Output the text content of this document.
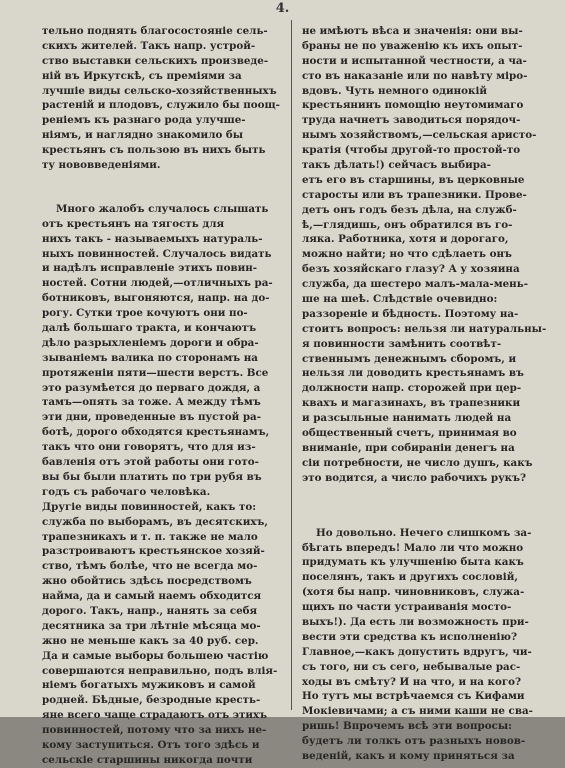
4.
тельно поднять благосостояніе сель-
скихъ жителей. Такъ напр. устрой-
ство выставки сельскихъ произведе-
ній въ Иркутскѣ, съ преміями за
лучшіе виды сельско-хозяйственныхъ
растеній и плодовъ, служило бы поощ-
реніемъ къ разнаго рода улучше-
ніямъ, и наглядно знакомило бы
крестьянъ съ пользою въ нихъ быть
ту нововведеніями.
Много жалобъ случалось слышать
отъ крестьянъ на тягость для
нихъ такъ - называемыхъ натураль-
ныхъ повинностей. Случалось видать
и надѣлъ исправленіе этихъ повин-
ностей. Сотни людей,—отличныхъ ра-
ботниковъ, выгоняются, напр. на до-
рогу. Сутки трое кочуютъ они по-
далѣ большаго тракта, и кончаютъ
дѣло разрыхленіемъ дороги и обра-
зываніемъ валика по сторонамъ на
протяженіи пяти—шести верстъ. Все
это разумѣется до перваго дождя, а
тамъ—опять за тоже. А между тѣмъ
эти дни, проведенные въ пустой ра-
ботѣ, дорого обходятся крестьянамъ,
такъ что они говорятъ, что для из-
бавленія отъ этой работы они гото-
вы бы были платить по три рубя въ
годъ съ рабочаго человѣка.
Другіе виды повинностей, какъ то:
служба по выборамъ, въ десятскихъ,
трапезникахъ и т. п. также не мало
разстроиваютъ крестьянское хозяй-
ство, тѣмъ болѣе, что не всегда мо-
жно обойтись здѣсь посредствомъ
найма, да и самый наемъ обходится
дорого. Такъ, напр., нанять за себя
десятника за три лѣтніе мѣсяца мо-
жно не меньше какъ за 40 руб. сер.
Да и самые выборы большею частію
совершаются неправильно, подъ влія-
ніемъ богатыхъ мужиковъ и самой
родней. Бѣдные, безродные кресть-
яне всего чаще страдаютъ отъ этихъ
повинностей, потому что за нихъ не-
кому заступиться. Отъ того здѣсь и
сельскіе старшины никогда почти
не имѣютъ вѣса и значенія: они вы-
браны не по уваженію къ ихъ опыт-
ности и испытанной честности, а ча-
сто въ наказаніе или по навѣту міро-
вдовъ. Чуть немного одинокій
крестьянинъ помощію неутомимаго
труда начнетъ заводиться порядоч-
нымъ хозяйствомъ,—сельская аристо-
кратія (чтобы другой-то простой-то
такъ дѣлать!) сейчасъ выбира-
етъ его въ старшины, въ церковные
старосты или въ трапезники. Прове-
детъ онъ годъ безъ дѣла, на служб-
ѣ,—глядишь, онъ обратился въ го-
ляка. Работника, хотя и дорогаго,
можно найти; но что сдѣлаеть онъ
безъ хозяйскаго глазу? А у хозяина
служба, да шестеро малъ-мала-мень-
ше на шеѣ. Слѣдствіе очевидно:
раззореніе и бѣдность. Поэтому на-
стоитъ вопросъ: нельзя ли натуральны-
я повинности замѣнить соотвѣт-
ственнымъ денежнымъ сборомъ, и
нельзя ли доводить крестьянамъ въ
должности напр. сторожей при цер-
квахъ и магазинахъ, въ трапезники
и разсыльные нанимать людей на
общественный счетъ, принимая во
вниманіе, при собираніи денегъ на
сіи потребности, не число душъ, какъ
это водится, а число рабочихъ рукъ?
Но довольно. Нечего слишкомъ за-
бѣгать впередъ! Мало ли что можно
придумать къ улучшенію быта какъ
поселянъ, такъ и другихъ сословій,
(хотя бы напр. чиновниковъ, служа-
щихъ по части устраиванія мосто-
выхъ!). Да есть ли возможность при-
вести эти средства къ исполненію?
Главное,—какъ допустить вдругъ, чи-
съ того, ни съ сего, небывалые рас-
ходы въ смѣту? И на что, и на кого?
Но тутъ мы встрѣчаемся съ Кифами
Мокіевичами; а съ ними каши не сва-
ришь! Впрочемъ всѣ эти вопросы:
будетъ ли толкъ отъ разныхъ новов-
веденій, какъ и кому приняться за
